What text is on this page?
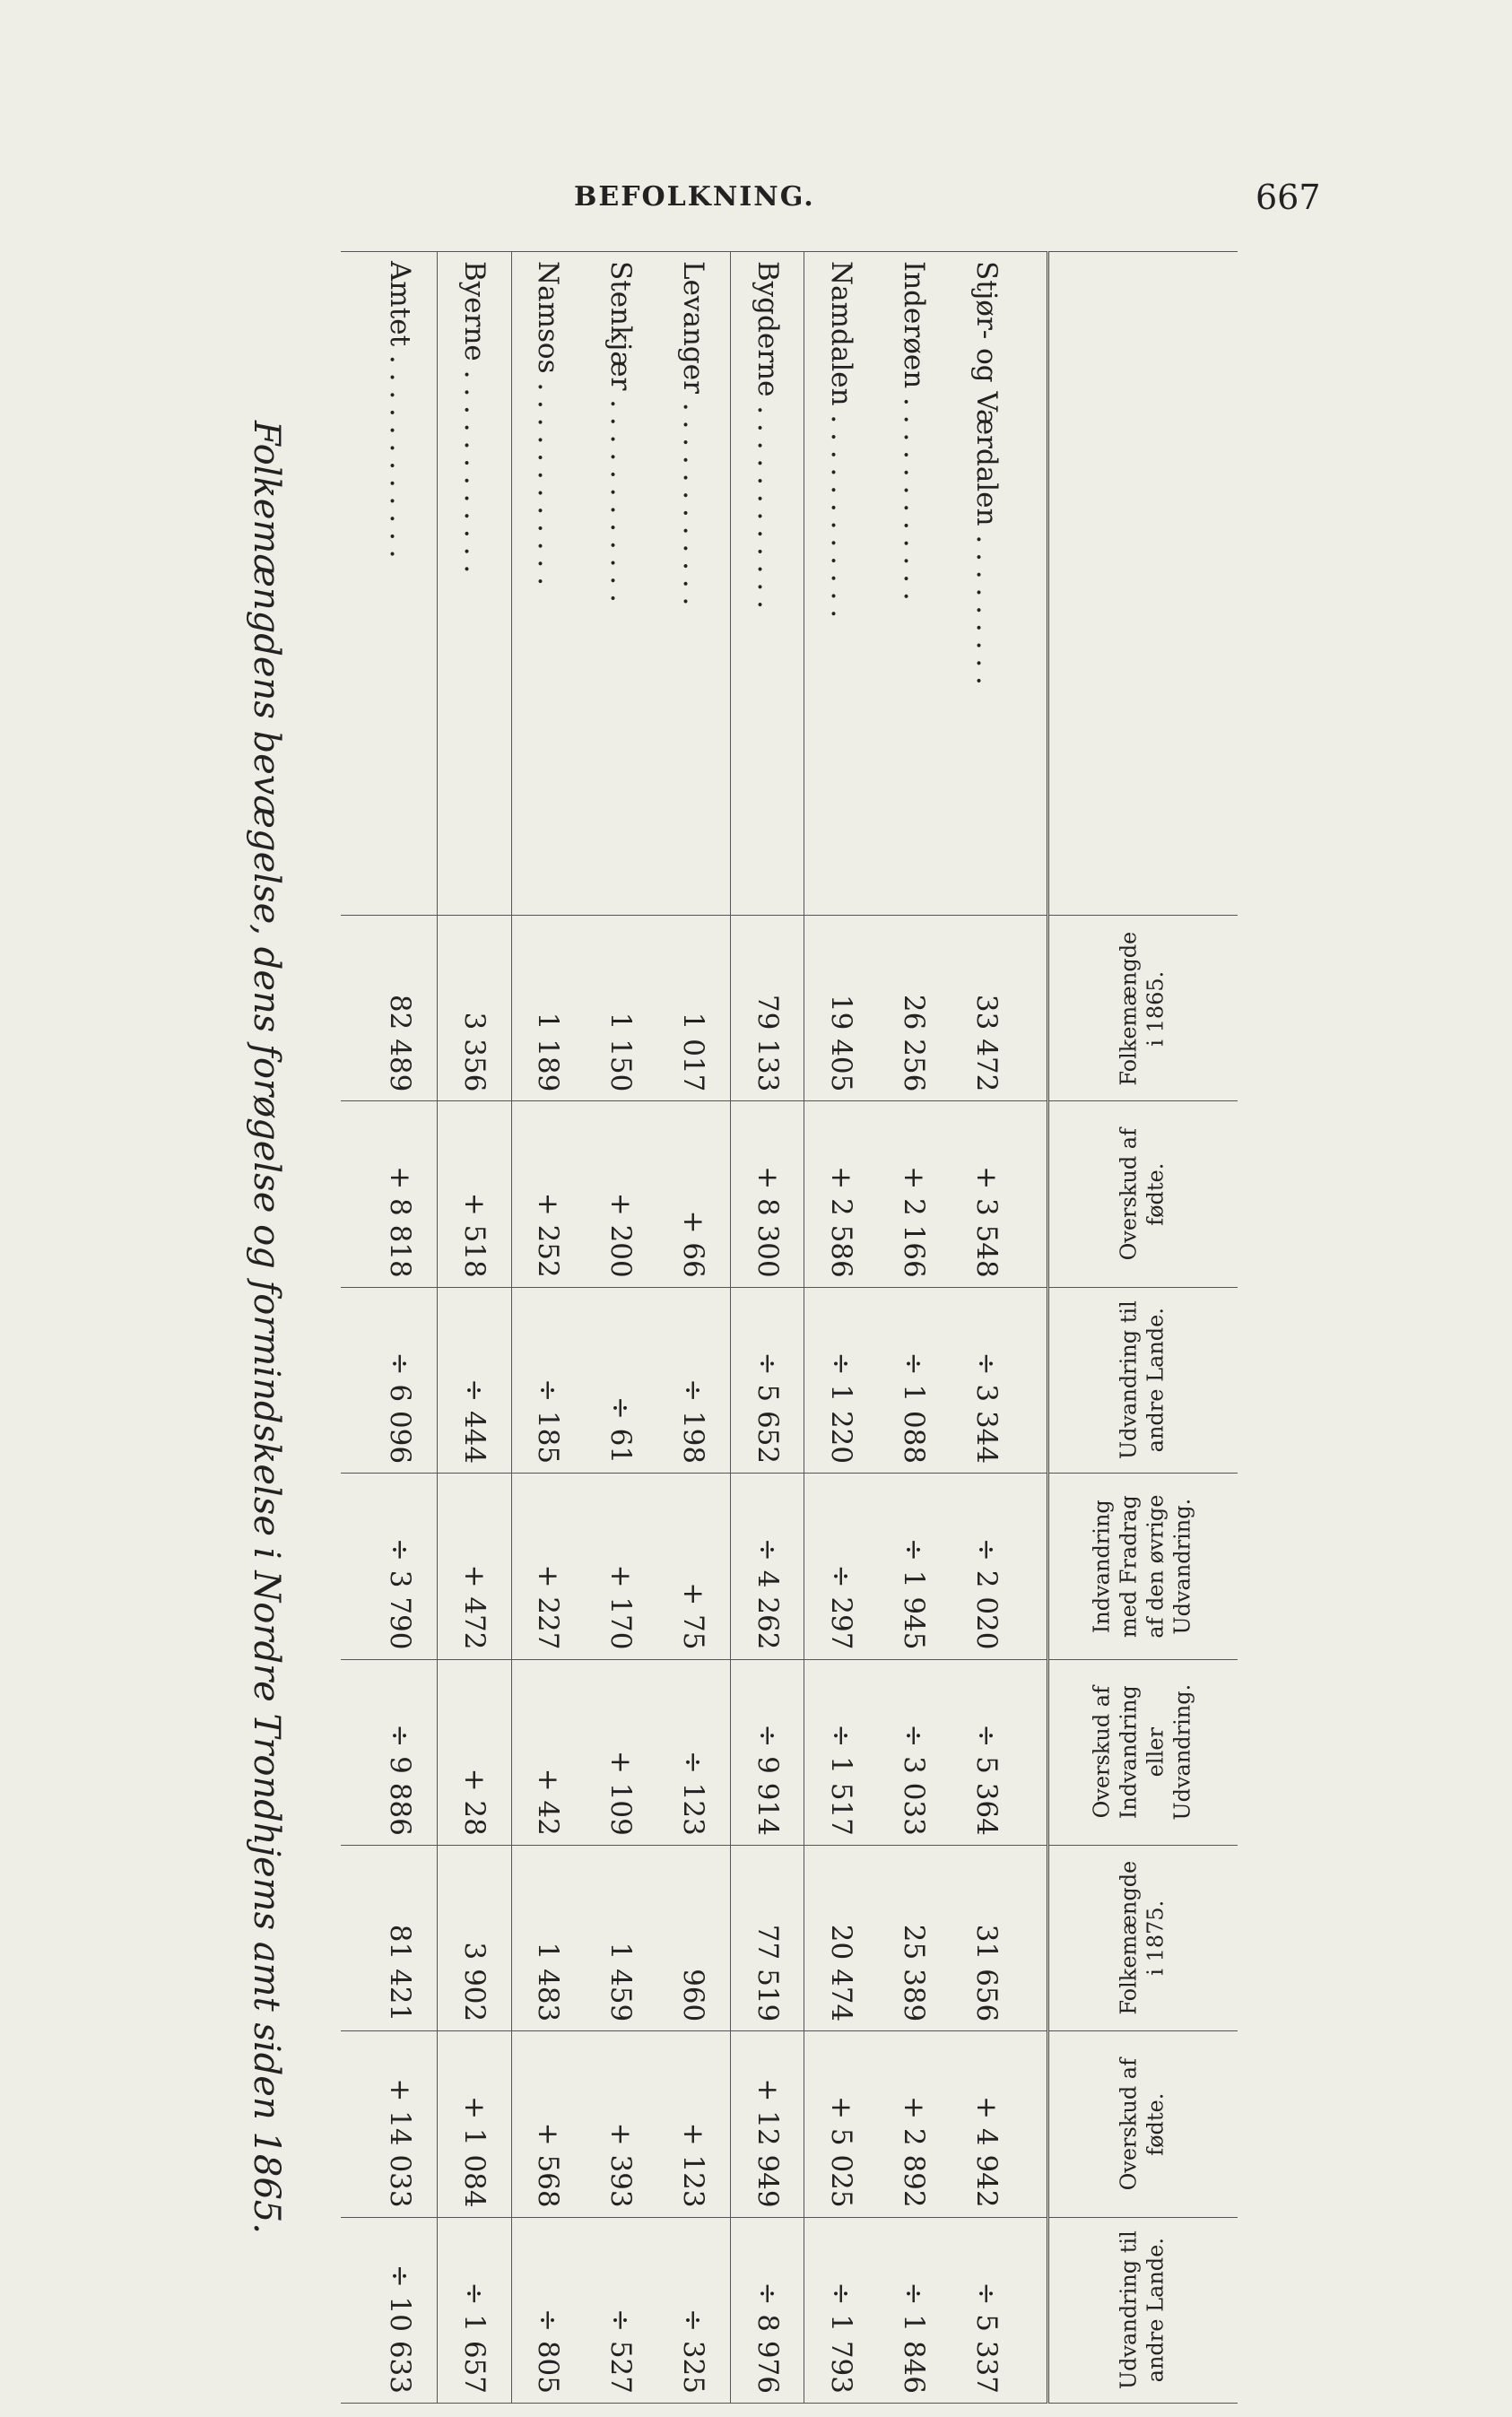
BEFOLKNING.	667
	Folkemængde i 1865.	Overskud af fødte.	Udvandring til andre Lande.	Indvandring med Fradrag af den øvrige Udvandring.	Overskud af Indvandring eller Udvandring.	Folkemængde i 1875.	Overskud af fødte.	Udvandring til andre Lande.

Stjør- og Værdalen . . . . . . . . .	33 472	+ 3 548	÷ 3 344	÷ 2 020	÷ 5 364	31 656	+ 4 942	÷ 5 337
Inderøen . . . . . . . . . . . .	26 256	+ 2 166	÷ 1 088	÷ 1 945	÷ 3 033	25 389	+ 2 892	÷ 1 846
Namdalen . . . . . . . . . . . .	19 405	+ 2 586	÷ 1 220	÷ 297	÷ 1 517	20 474	+ 5 025	÷ 1 793
Bygderne . . . . . . . . . . . .	79 133	+ 8 300	÷ 5 652	÷ 4 262	÷ 9 914	77 519	+ 12 949	÷ 8 976
Levanger . . . . . . . . . . . .	1 017	+ 66	÷ 198	+ 75	÷ 123	960	+ 123	÷ 325
Stenkjær . . . . . . . . . . . .	1 150	+ 200	÷ 61	+ 170	+ 109	1 459	+ 393	÷ 527
Namsos . . . . . . . . . . . .	1 189	+ 252	÷ 185	+ 227	+ 42	1 483	+ 568	÷ 805
Byerne . . . . . . . . . . . .	3 356	+ 518	÷ 444	+ 472	+ 28	3 902	+ 1 084	÷ 1 657
Amtet . . . . . . . . . . . .	82 489	+ 8 818	÷ 6 096	÷ 3 790	÷ 9 886	81 421	+ 14 033	÷ 10 633

Folkemængdens bevægelse, dens forøgelse og formindskelse i Nordre Trondhjems amt siden 1865.
